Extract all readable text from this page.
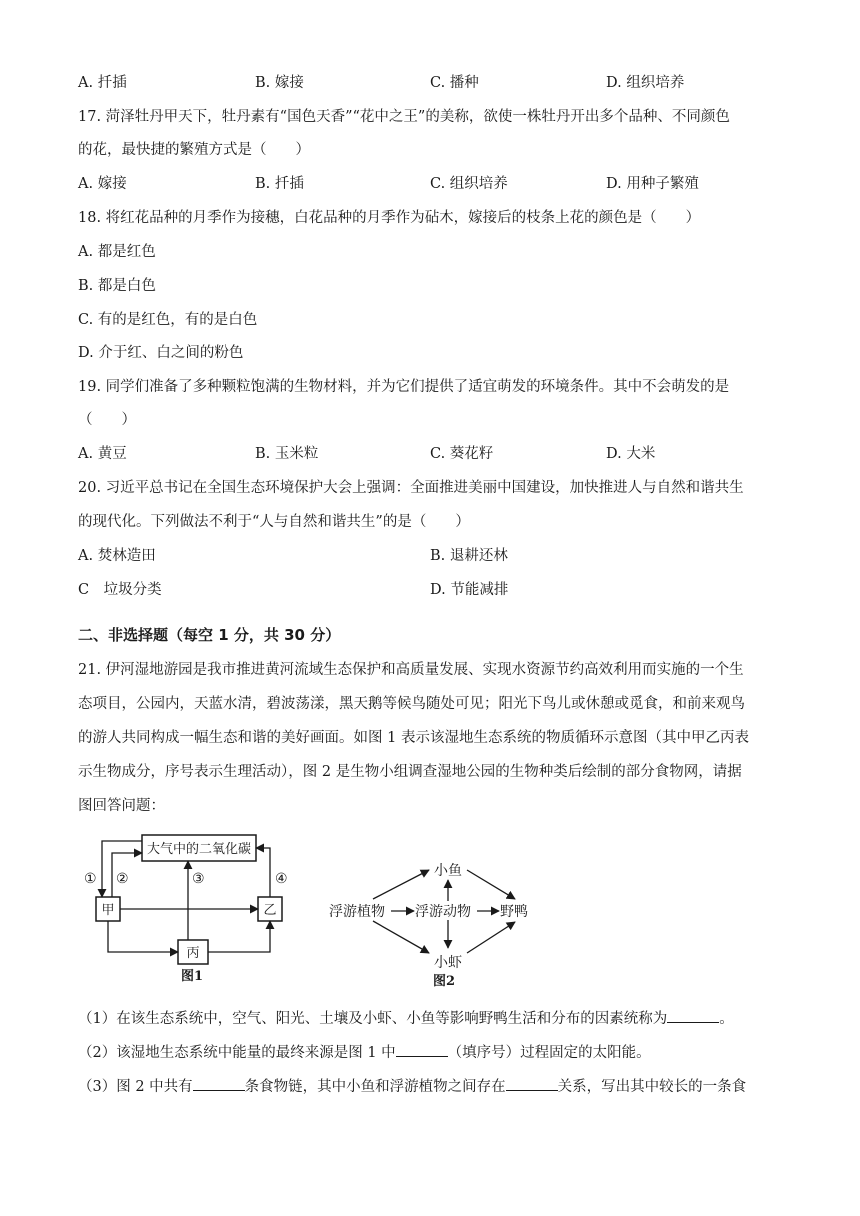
A. 扦插	B. 嫁接	C. 播种	D. 组织培养
17. 菏泽牡丹甲天下，牡丹素有“国色天香”“花中之王”的美称，欲使一株牡丹开出多个品种、不同颜色
的花，最快捷的繁殖方式是（　　）
A. 嫁接	B. 扦插	C. 组织培养	D. 用种子繁殖
18. 将红花品种的月季作为接穗，白花品种的月季作为砧木，嫁接后的枝条上花的颜色是（　　）
A. 都是红色
B. 都是白色
C. 有的是红色，有的是白色
D. 介于红、白之间的粉色
19. 同学们准备了多种颗粒饱满的生物材料，并为它们提供了适宜萌发的环境条件。其中不会萌发的是
（　　）
A. 黄豆	B. 玉米粒	C. 葵花籽	D. 大米
20. 习近平总书记在全国生态环境保护大会上强调：全面推进美丽中国建设，加快推进人与自然和谐共生
的现代化。下列做法不利于“人与自然和谐共生”的是（　　）
A. 焚林造田	B. 退耕还林
C　垃圾分类	D. 节能减排
二、非选择题（每空 1 分，共 30 分）
21. 伊河湿地游园是我市推进黄河流域生态保护和高质量发展、实现水资源节约高效利用而实施的一个生
态项目，公园内，天蓝水清，碧波荡漾，黑天鹅等候鸟随处可见；阳光下鸟儿或休憩或觅食，和前来观鸟
的游人共同构成一幅生态和谐的美好画面。如图 1 表示该湿地生态系统的物质循环示意图（其中甲乙丙表
示生物成分，序号表示生理活动），图 2 是生物小组调查湿地公园的生物种类后绘制的部分食物网，请据
图回答问题：
大气中的二氧化碳
甲	乙
丙
① ②	③	④
图1
小鱼
浮游植物 浮游动物 野鸭
小虾
图2
（1）在该生态系统中，空气、阳光、土壤及小虾、小鱼等影响野鸭生活和分布的因素统称为	。
（2）该湿地生态系统中能量的最终来源是图 1 中	（填序号）过程固定的太阳能。
（3）图 2 中共有	条食物链，其中小鱼和浮游植物之间存在	关系，写出其中较长的一条食
